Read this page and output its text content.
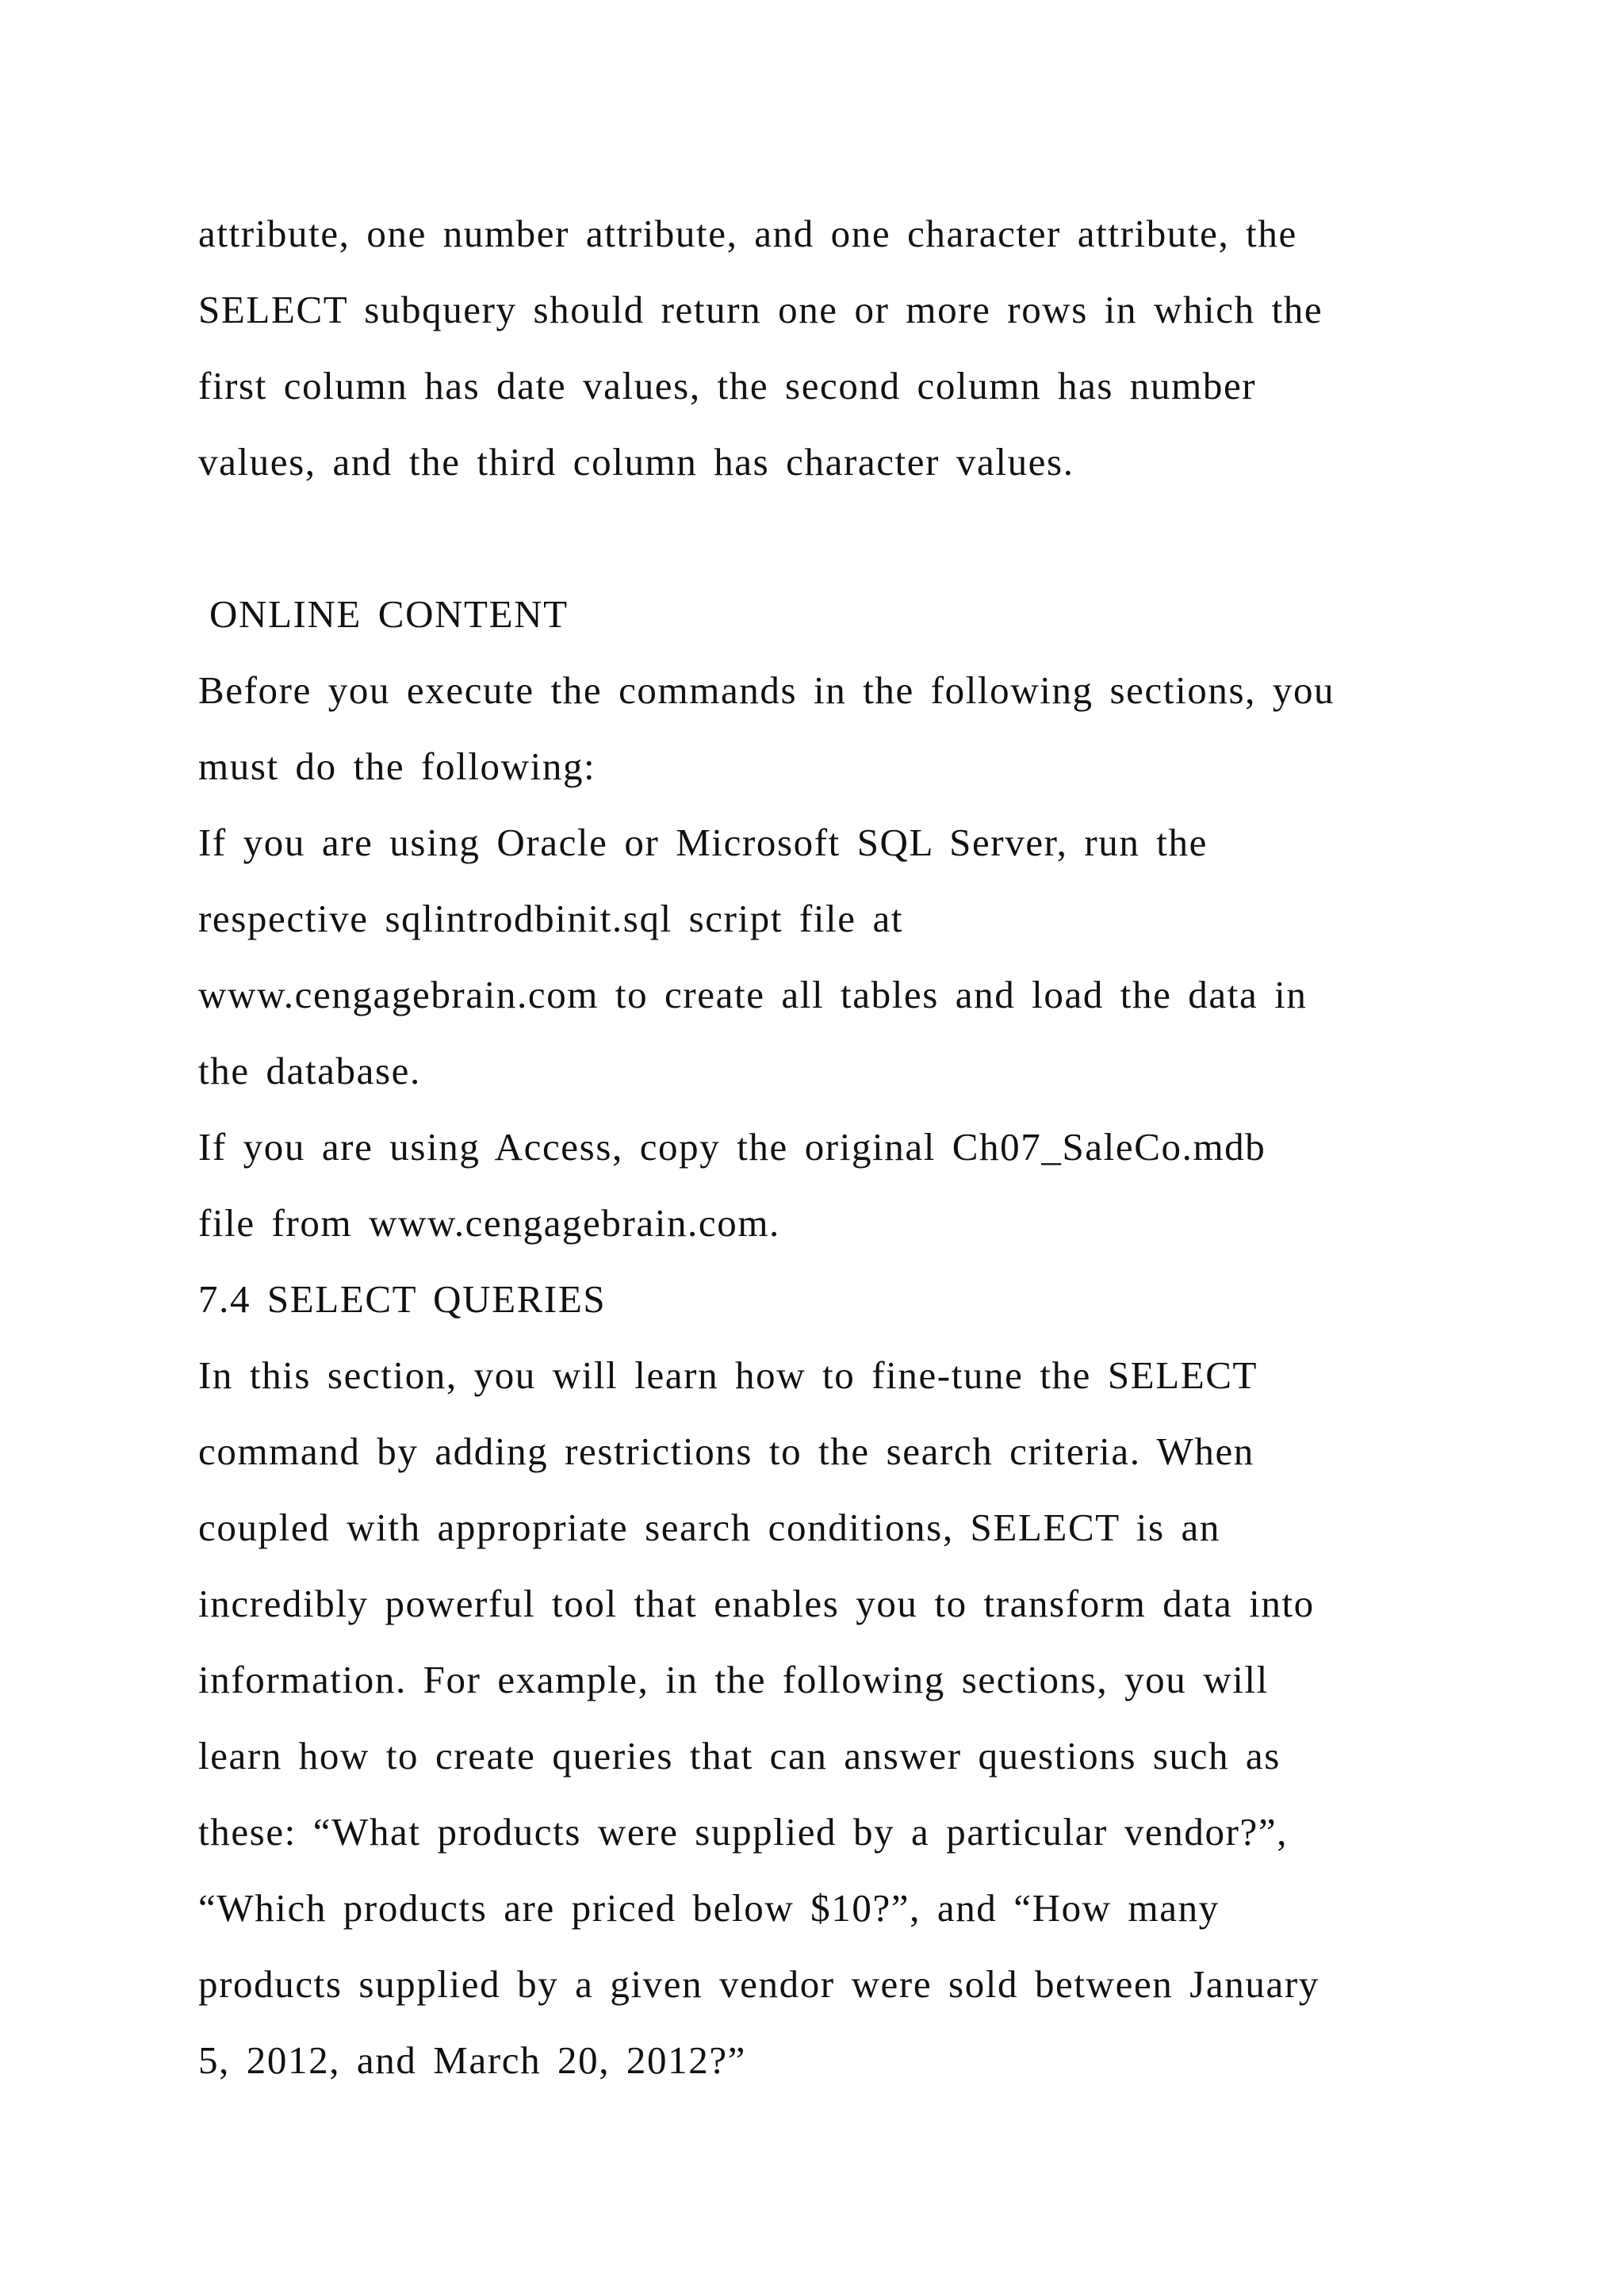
attribute, one number attribute, and one character attribute, the
SELECT subquery should return one or more rows in which the
first column has date values, the second column has number
values, and the third column has character values.
ONLINE CONTENT
Before you execute the commands in the following sections, you
must do the following:
If you are using Oracle or Microsoft SQL Server, run the
respective sqlintrodbinit.sql script file at
www.cengagebrain.com to create all tables and load the data in
the database.
If you are using Access, copy the original Ch07_SaleCo.mdb
file from www.cengagebrain.com.
7.4 SELECT QUERIES
In this section, you will learn how to fine-tune the SELECT
command by adding restrictions to the search criteria. When
coupled with appropriate search conditions, SELECT is an
incredibly powerful tool that enables you to transform data into
information. For example, in the following sections, you will
learn how to create queries that can answer questions such as
these: “What products were supplied by a particular vendor?”,
“Which products are priced below $10?”, and “How many
products supplied by a given vendor were sold between January
5, 2012, and March 20, 2012?”
